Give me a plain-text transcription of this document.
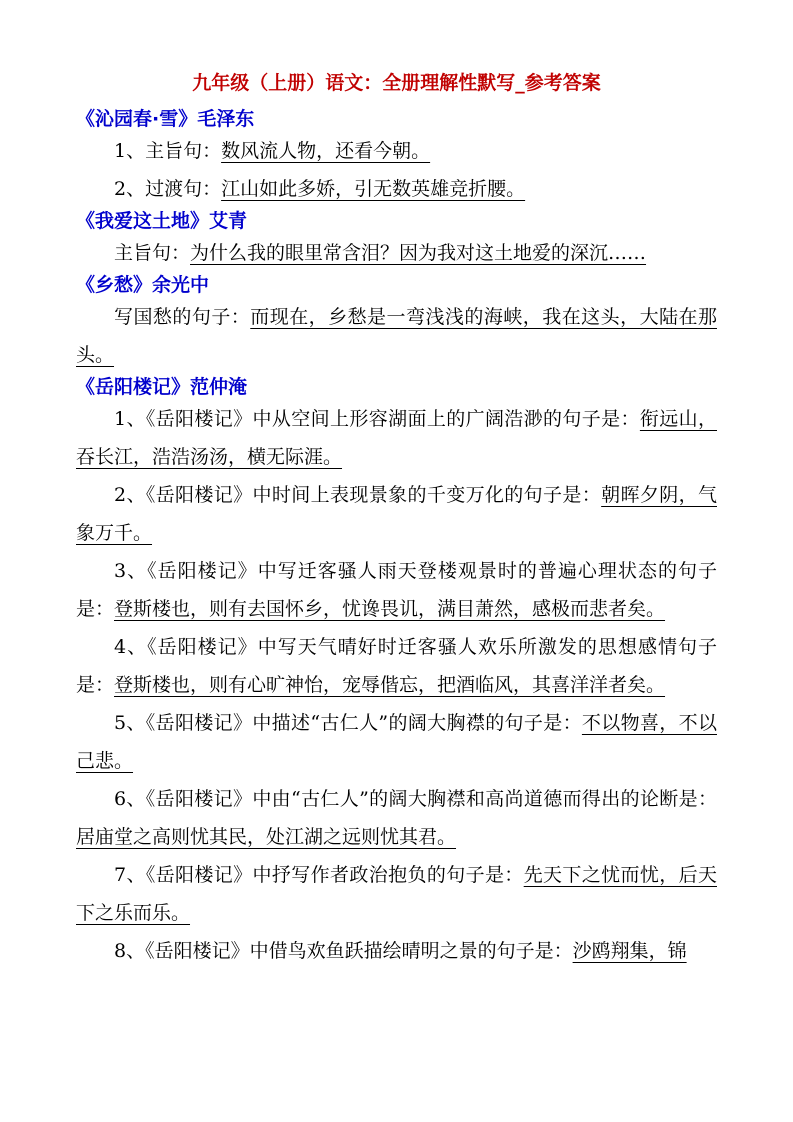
九年级（上册）语文：全册理解性默写_参考答案
《沁园春·雪》毛泽东

1、主旨句：数风流人物，还看今朝。

2、过渡句：江山如此多娇，引无数英雄竞折腰。

《我爱这土地》艾青

主旨句：为什么我的眼里常含泪？因为我对这土地爱的深沉……

《乡愁》余光中

写国愁的句子：而现在，乡愁是一弯浅浅的海峡，我在这头，大陆在那头。

《岳阳楼记》范仲淹

1、《岳阳楼记》中从空间上形容湖面上的广阔浩渺的句子是：衔远山，吞长江，浩浩汤汤，横无际涯。

2、《岳阳楼记》中时间上表现景象的千变万化的句子是：朝晖夕阴，气象万千。

3、《岳阳楼记》中写迁客骚人雨天登楼观景时的普遍心理状态的句子是：登斯楼也，则有去国怀乡，忧谗畏讥，满目萧然，感极而悲者矣。

4、《岳阳楼记》中写天气晴好时迁客骚人欢乐所激发的思想感情句子是：登斯楼也，则有心旷神怡，宠辱偕忘，把酒临风，其喜洋洋者矣。

5、《岳阳楼记》中描述“古仁人”的阔大胸襟的句子是：不以物喜，不以己悲。

6、《岳阳楼记》中由“古仁人”的阔大胸襟和高尚道德而得出的论断是：居庙堂之高则忧其民，处江湖之远则忧其君。

7、《岳阳楼记》中抒写作者政治抱负的句子是：先天下之忧而忧，后天下之乐而乐。

8、《岳阳楼记》中借鸟欢鱼跃描绘晴明之景的句子是：沙鸥翔集，锦
